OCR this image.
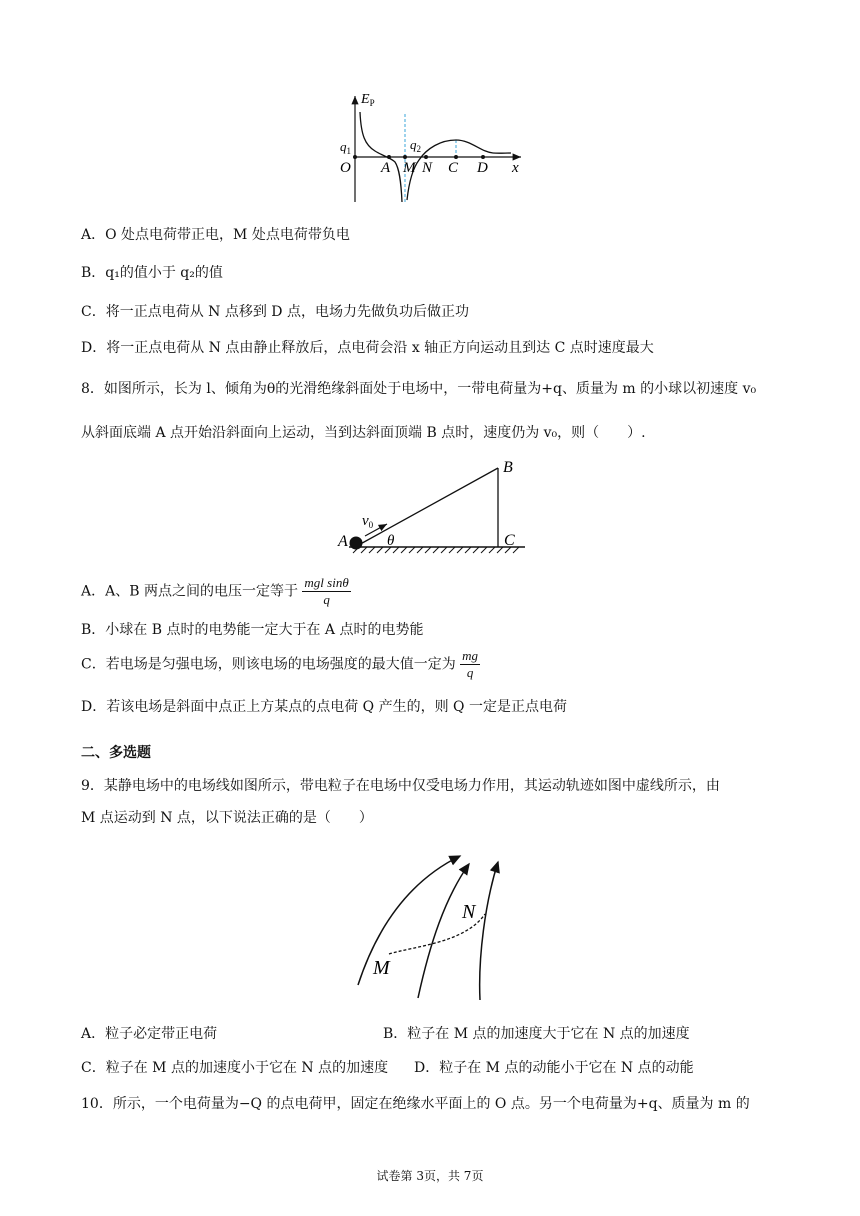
$E_P$
$q_1$	$q_2$
O A M N C D x
A．O 处点电荷带正电，M 处点电荷带负电
B．q₁的值小于 q₂的值
C．将一正点电荷从 N 点移到 D 点，电场力先做负功后做正功
D．将一正点电荷从 N 点由静止释放后，点电荷会沿 x 轴正方向运动且到达 C 点时速度最大
8．如图所示，长为 l、倾角为θ的光滑绝缘斜面处于电场中，一带电荷量为+q、质量为 m 的小球以初速度 v₀
从斜面底端 A 点开始沿斜面向上运动，当到达斜面顶端 B 点时，速度仍为 v₀，则（　　）.
$v_0$
θ
A
B
C
A．A、B 两点之间的电压一定等于 $\frac{\text{mgl sinθ}}{q}$
B．小球在 B 点时的电势能一定大于在 A 点时的电势能
C．若电场是匀强电场，则该电场的电场强度的最大值一定为 $\frac{mg}{q}$
D．若该电场是斜面中点正上方某点的点电荷 Q 产生的，则 Q 一定是正点电荷
二、多选题
9．某静电场中的电场线如图所示，带电粒子在电场中仅受电场力作用，其运动轨迹如图中虚线所示，由
M 点运动到 N 点，以下说法正确的是（　　）
M
N
A．粒子必定带正电荷	B．粒子在 M 点的加速度大于它在 N 点的加速度
C．粒子在 M 点的加速度小于它在 N 点的加速度 D．粒子在 M 点的动能小于它在 N 点的动能
10．所示，一个电荷量为−Q 的点电荷甲，固定在绝缘水平面上的 O 点。另一个电荷量为+q、质量为 m 的
试卷第 3页，共 7页
